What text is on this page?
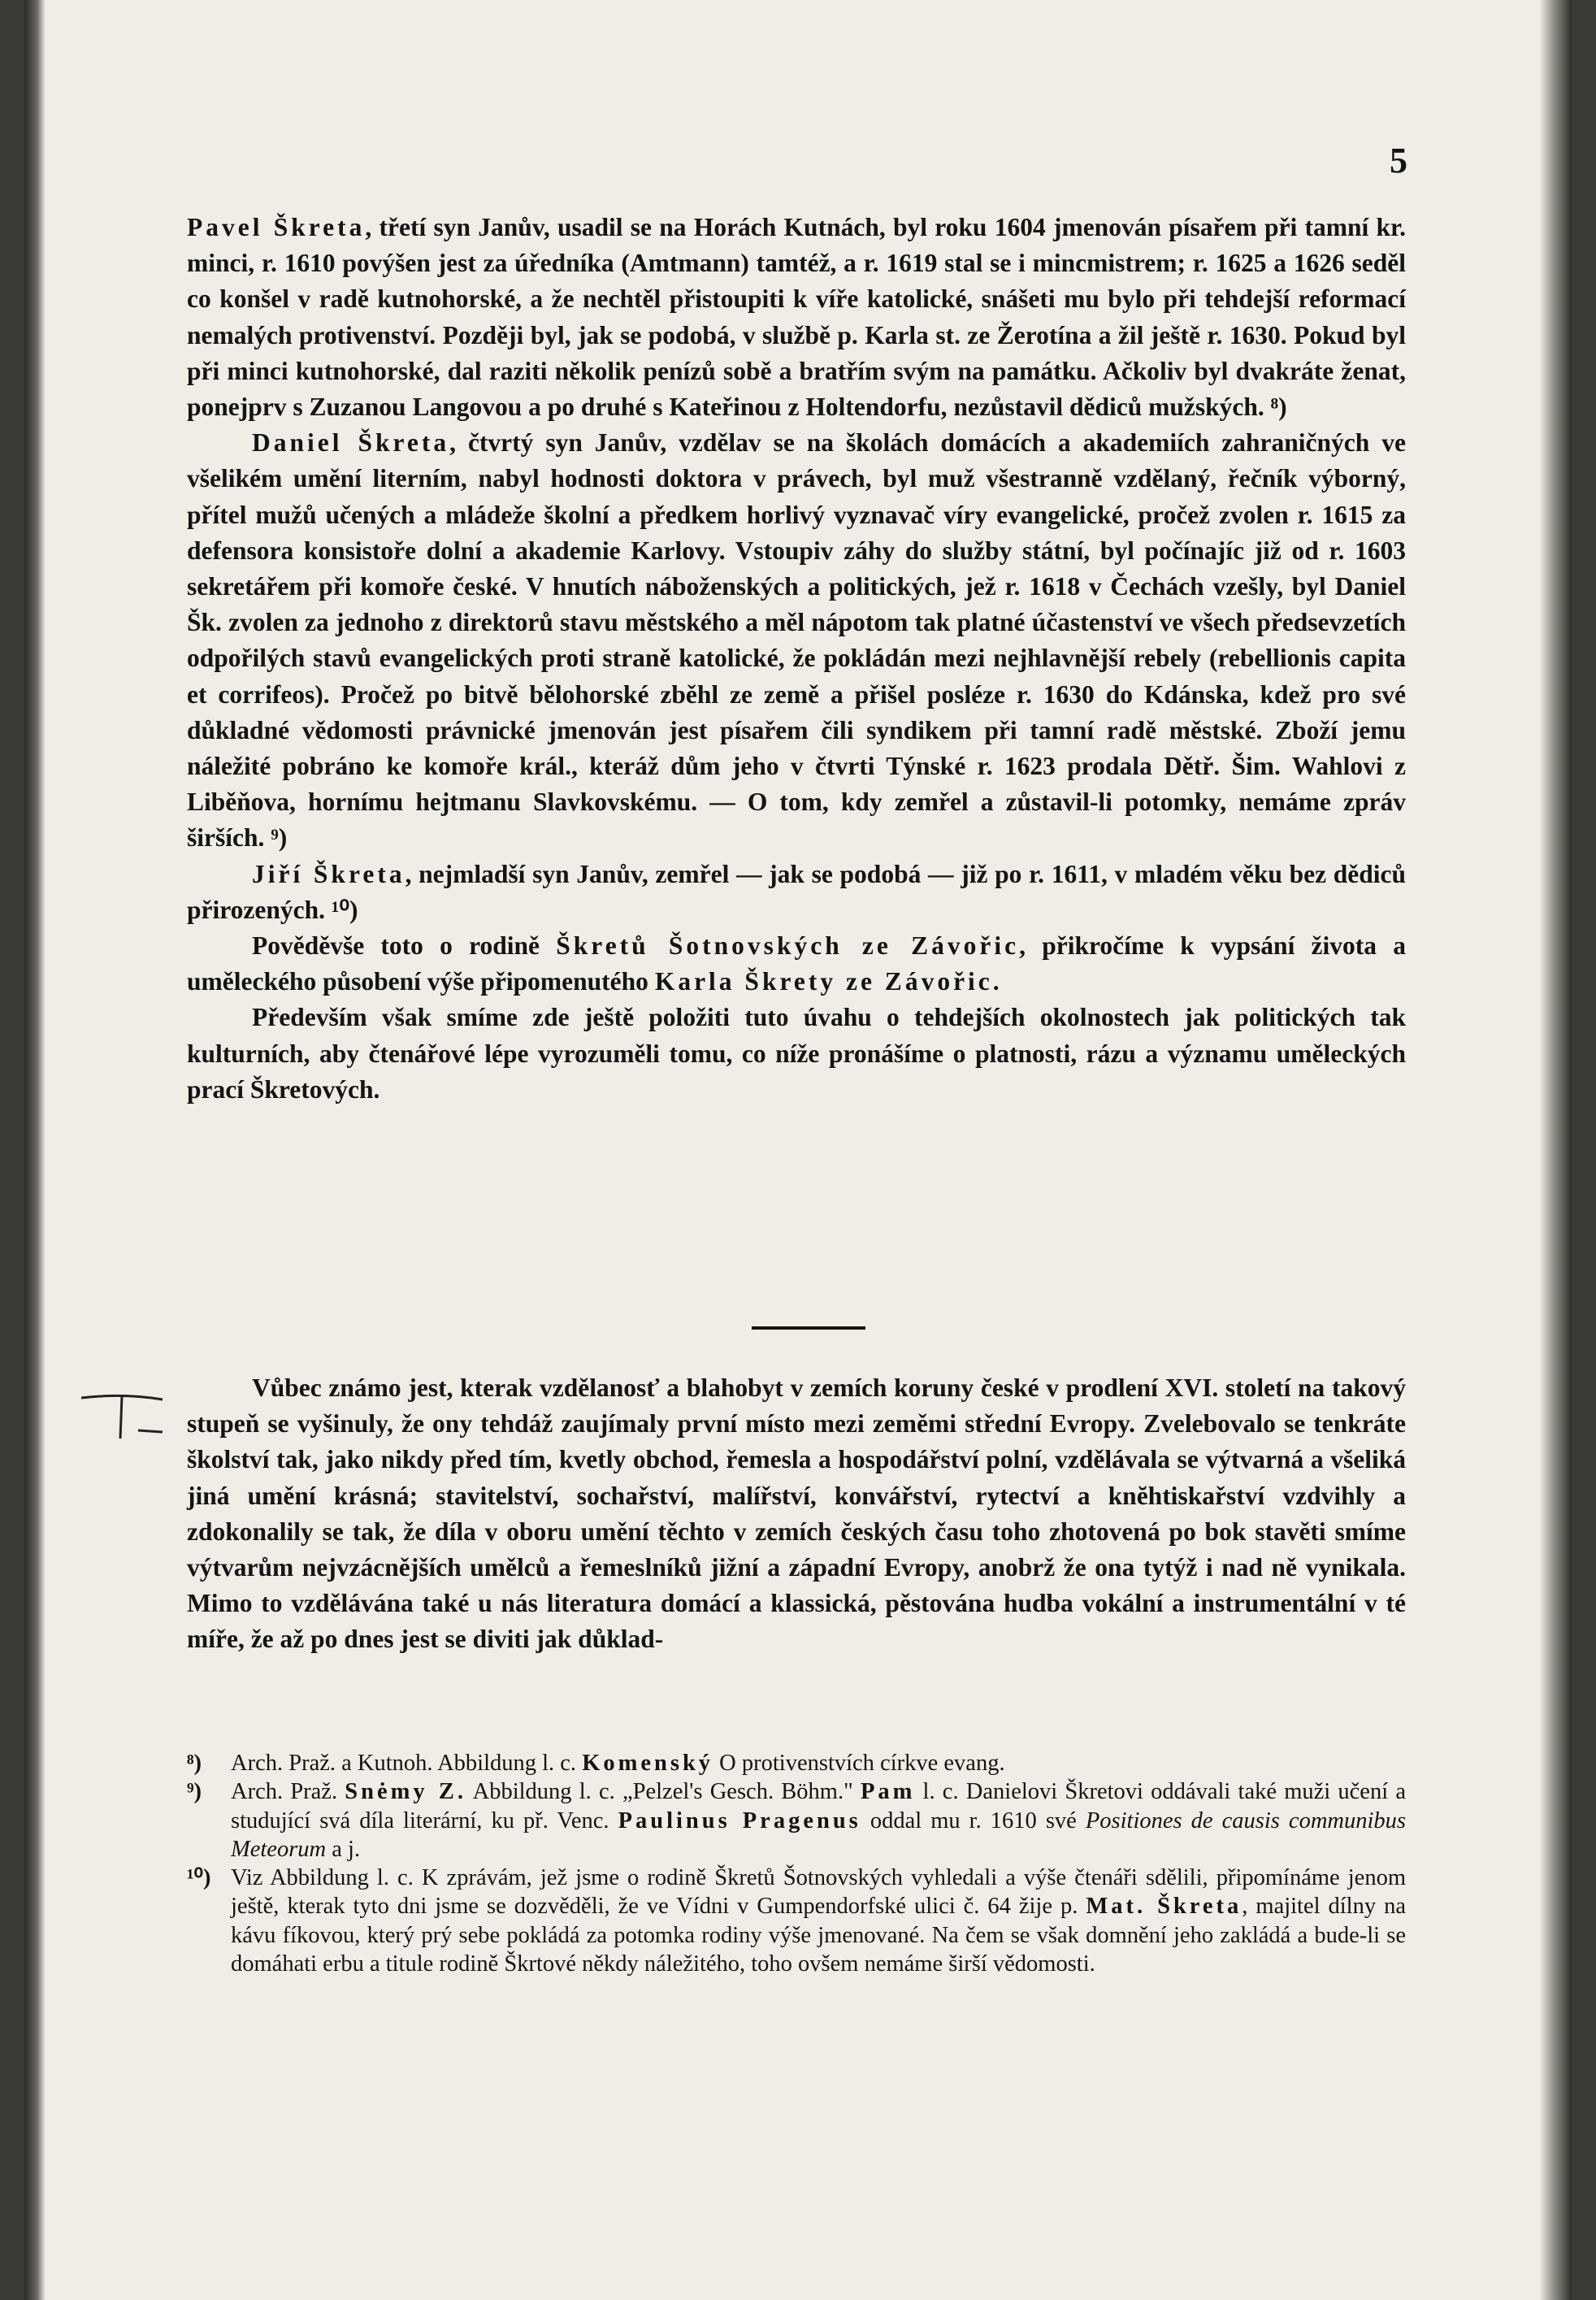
5

Pavel Škreta, třetí syn Janův, usadil se na Horách Kutnách, byl roku 1604 jmenován písařem při tamní kr. minci, r. 1610 povýšen jest za úředníka (Amtmann) tamtéž, a r. 1619 stal se i mincmistrem; r. 1625 a 1626 seděl co konšel v radě kutnohorské, a že nechtěl přistoupiti k víře katolické, snášeti mu bylo při tehdejší reformací nemalých protivenství. Později byl, jak se podobá, v službě p. Karla st. ze Žerotína a žil ještě r. 1630. Pokud byl při minci kutnohorské, dal raziti několik penízů sobě a bratřím svým na památku. Ačkoliv byl dvakráte ženat, ponejprv s Zuzanou Langovou a po druhé s Kateřinou z Holtendorfu, nezůstavil dědiců mužských. ⁸)

Daniel Škreta, čtvrtý syn Janův, vzdělav se na školách domácích a akademiích zahraničných ve všelikém umění literním, nabyl hodnosti doktora v právech, byl muž všestranně vzdělaný, řečník výborný, přítel mužů učených a mládeže školní a předkem horlivý vyznavač víry evangelické, pročež zvolen r. 1615 za defensora konsistoře dolní a akademie Karlovy. Vstoupiv záhy do služby státní, byl počínajíc již od r. 1603 sekretářem při komoře české. V hnutích náboženských a politických, jež r. 1618 v Čechách vzešly, byl Daniel Šk. zvolen za jednoho z direktorů stavu městského a měl nápotom tak platné účastenství ve všech předsevzetích odpořilých stavů evangelických proti straně katolické, že pokládán mezi nejhlavnější rebely (rebellionis capita et corrifeos). Pročež po bitvě bělohorské zběhl ze země a přišel posléze r. 1630 do Kdánska, kdež pro své důkladné vědomosti právnické jmenován jest písařem čili syndikem při tamní radě městské. Zboží jemu náležité pobráno ke komoře král., kteráž dům jeho v čtvrti Týnské r. 1623 prodala Dětř. Šim. Wahlovi z Liběňova, hornímu hejtmanu Slavkovskému. — O tom, kdy zemřel a zůstavil-li potomky, nemáme zpráv širších. ⁹)

Jiří Škreta, nejmladší syn Janův, zemřel — jak se podobá — již po r. 1611, v mladém věku bez dědiců přirozených. ¹⁰)

Pověděvše toto o rodině Škretů Šotnovských ze Závořic, přikročíme k vypsání života a uměleckého působení výše připomenutého Karla Škrety ze Závořic.

Především však smíme zde ještě položiti tuto úvahu o tehdejších okolnostech jak politických tak kulturních, aby čtenářové lépe vyrozuměli tomu, co níže pronášíme o platnosti, rázu a významu uměleckých prací Škretových.

Vůbec známo jest, kterak vzdělanosť a blahobyt v zemích koruny české v prodlení XVI. století na takový stupeň se vyšinuly, že ony tehdáž zaujímaly první místo mezi zeměmi střední Evropy. Zvelebovalo se tenkráte školství tak, jako nikdy před tím, kvetly obchod, řemesla a hospodářství polní, vzdělávala se výtvarná a všeliká jiná umění krásná; stavitelství, sochařství, malířství, konvářství, rytectví a knĕhtiskařství vzdvihly a zdokonalily se tak, že díla v oboru umění těchto v zemích českých času toho zhotovená po bok stavěti smíme výtvarům nejvzácnějších umělců a řemeslníků jižní a západní Evropy, anobrž že ona tytýž i nad ně vynikala. Mimo to vzdělávána také u nás literatura domácí a klassická, pěstována hudba vokální a instrumentální v té míře, že až po dnes jest se diviti jak důklad-

⁸) Arch. Praž. a Kutnoh. Abbildung l. c. Komenský O protivenstvích církve evang.

⁹) Arch. Praž. Snėmy Z. Abbildung l. c. „Pelzel's Gesch. Böhm." Pam l. c. Danielovi Škretovi oddávali také muži učení a studující svá díla literární, ku př. Venc. Paulinus Pragenus oddal mu r. 1610 své Positiones de causis communibus Meteorum a j.

¹⁰) Viz Abbildung l. c. K zprávám, jež jsme o rodině Škretů Šotnovských vyhledali a výše čtenáři sdělili, připomínáme jenom ještě, kterak tyto dni jsme se dozvěděli, že ve Vídni v Gumpendorfské ulici č. 64 žije p. Mat. Škreta, majitel dílny na kávu fíkovou, který prý sebe pokládá za potomka rodiny výše jmenované. Na čem se však domnění jeho zakládá a bude-li se domáhati erbu a titule rodině Škrtové někdy náležitého, toho ovšem nemáme širší vědomosti.
